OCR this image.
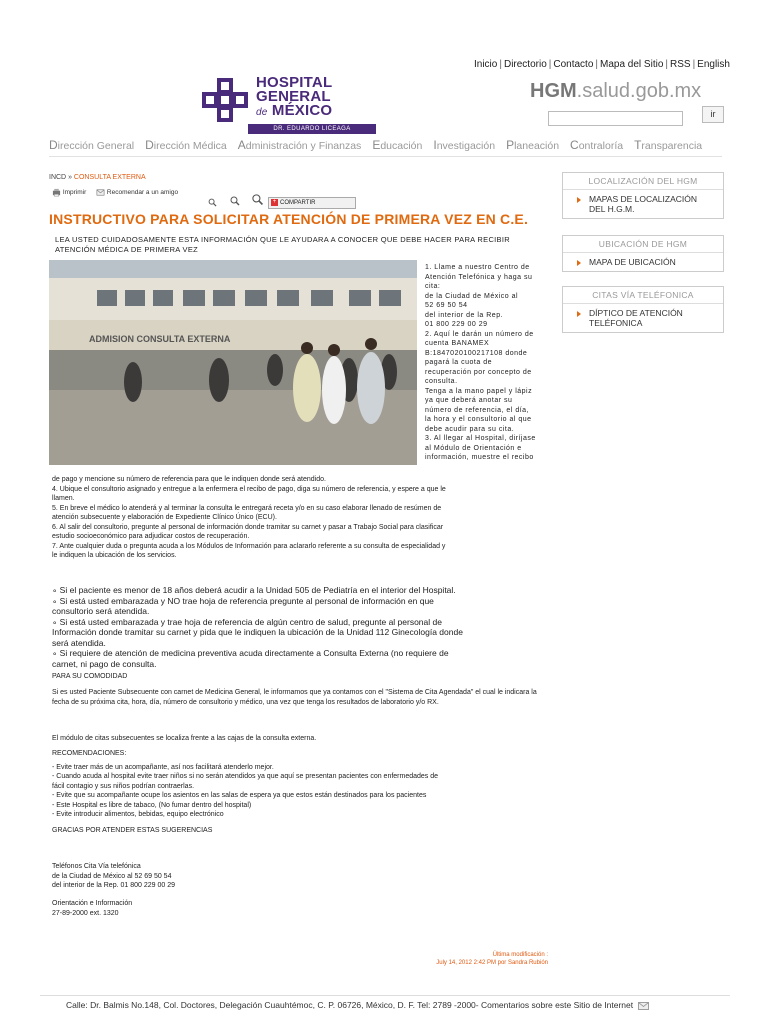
Inicio | Directorio | Contacto | Mapa del Sitio | RSS | English
HOSPITAL
GENERAL
de MÉXICO
DR. EDUARDO LICEAGA
HGM.salud.gob.mx
ir
Dirección General Dirección Médica Administración y Finanzas Educación Investigación Planeación Contraloría Transparencia
INCD » CONSULTA EXTERNA
Imprimir	Recomendar a un amigo
+ COMPARTIR
INSTRUCTIVO PARA SOLICITAR ATENCIÓN DE PRIMERA VEZ EN C.E.
LEA USTED CUIDADOSAMENTE ESTA INFORMACIÓN QUE LE AYUDARA A CONOCER QUE DEBE HACER PARA RECIBIR ATENCIÓN MÉDICA DE PRIMERA VEZ
ADMISION CONSULTA EXTERNA

1. Llame a nuestro Centro de

Atención Telefónica y haga su

cita:

de la Ciudad de México al

52 69 50 54

del interior de la Rep.

01 800 229 00 29

2. Aquí le darán un número de

cuenta BANAMEX

B:18470201002171​08 donde

pagará la cuota de

recuperación por concepto de

consulta.

Tenga a la mano papel y lápiz

ya que deberá anotar su

número de referencia, el día,

la hora y el consultorio al que

debe acudir para su cita.

3. Al llegar al Hospital, diríjase

al Módulo de Orientación e

información, muestre el recibo

de pago y mencione su número de referencia para que le indiquen donde será atendido.

4. Ubique el consultorio asignado y entregue a la enfermera el recibo de pago, diga su número de referencia, y espere a que le

llamen.

5. En breve el médico lo atenderá y al terminar la consulta le entregará receta y/o en su caso elaborar llenado de resúmen de

atención subsecuente y elaboración de Expediente Clínico Único (ECU).

6. Al salir del consultorio, pregunte al personal de información donde tramitar su carnet y pasar a Trabajo Social para clasificar

estudio socioeconómico para adjudicar costos de recuperación.

7. Ante cualquier duda o pregunta acuda a los Módulos de Información para aclararlo referente a su consulta de especialidad y

le indiquen la ubicación de los servicios.

∘ Si el paciente es menor de 18 años deberá acudir a la Unidad 505 de Pediatría en el interior del Hospital.

∘ Si está usted embarazada y NO trae hoja de referencia pregunte al personal de información en que

consultorio será atendida.

∘ Si está usted embarazada y trae hoja de referencia de algún centro de salud, pregunte al personal de

Información donde tramitar su carnet y pida que le indiquen la ubicación de la Unidad 112 Ginecología donde

será atendida.

∘ Si requiere de atención de medicina preventiva acuda directamente a Consulta Externa (no requiere de

carnet, ni pago de consulta.

PARA SU COMODIDAD
Si es usted Paciente Subsecuente con carnet de Medicina General, le informamos que ya contamos con el "Sistema de Cita Agendada" el cual le indicara la fecha de su próxima cita, hora, día, número de consultorio y médico, una vez que tenga los resultados de laboratorio y/o RX.
El módulo de citas subsecuentes se localiza frente a las cajas de la consulta externa.

RECOMENDACIONES:

- Evite traer más de un acompañante, así nos facilitará atenderlo mejor.

- Cuando acuda al hospital evite traer niños si no serán atendidos ya que aquí se presentan pacientes con enfermedades de

fácil contagio y sus niños podrían contraerlas.

- Evite que su acompañante ocupe los asientos en las salas de espera ya que estos están destinados para los pacientes

- Este Hospital es libre de tabaco, (No fumar dentro del hospital)

- Evite introducir alimentos, bebidas, equipo electrónico

GRACIAS POR ATENDER ESTAS SUGERENCIAS

Teléfonos Cita Vía telefónica

de la Ciudad de México al 52 69 50 54

del interior de la Rep. 01 800 229 00 29

Orientación e Información

27-89-2000 ext. 1320

Última modificación :
July 14, 2012 2:42 PM por Sandra Rubión
LOCALIZACIÓN DEL HGM
MAPAS DE LOCALIZACIÓN DEL H.G.M.
UBICACIÓN DE HGM
MAPA DE UBICACIÓN
CITAS VÍA TELÉFONICA
DÍPTICO DE ATENCIÓN TELÉFONICA
Calle: Dr. Balmis No.148, Col. Doctores, Delegación Cuauhtémoc, C. P. 06726, México, D. F. Tel: 2789 -2000- Comentarios sobre este Sitio de Internet
